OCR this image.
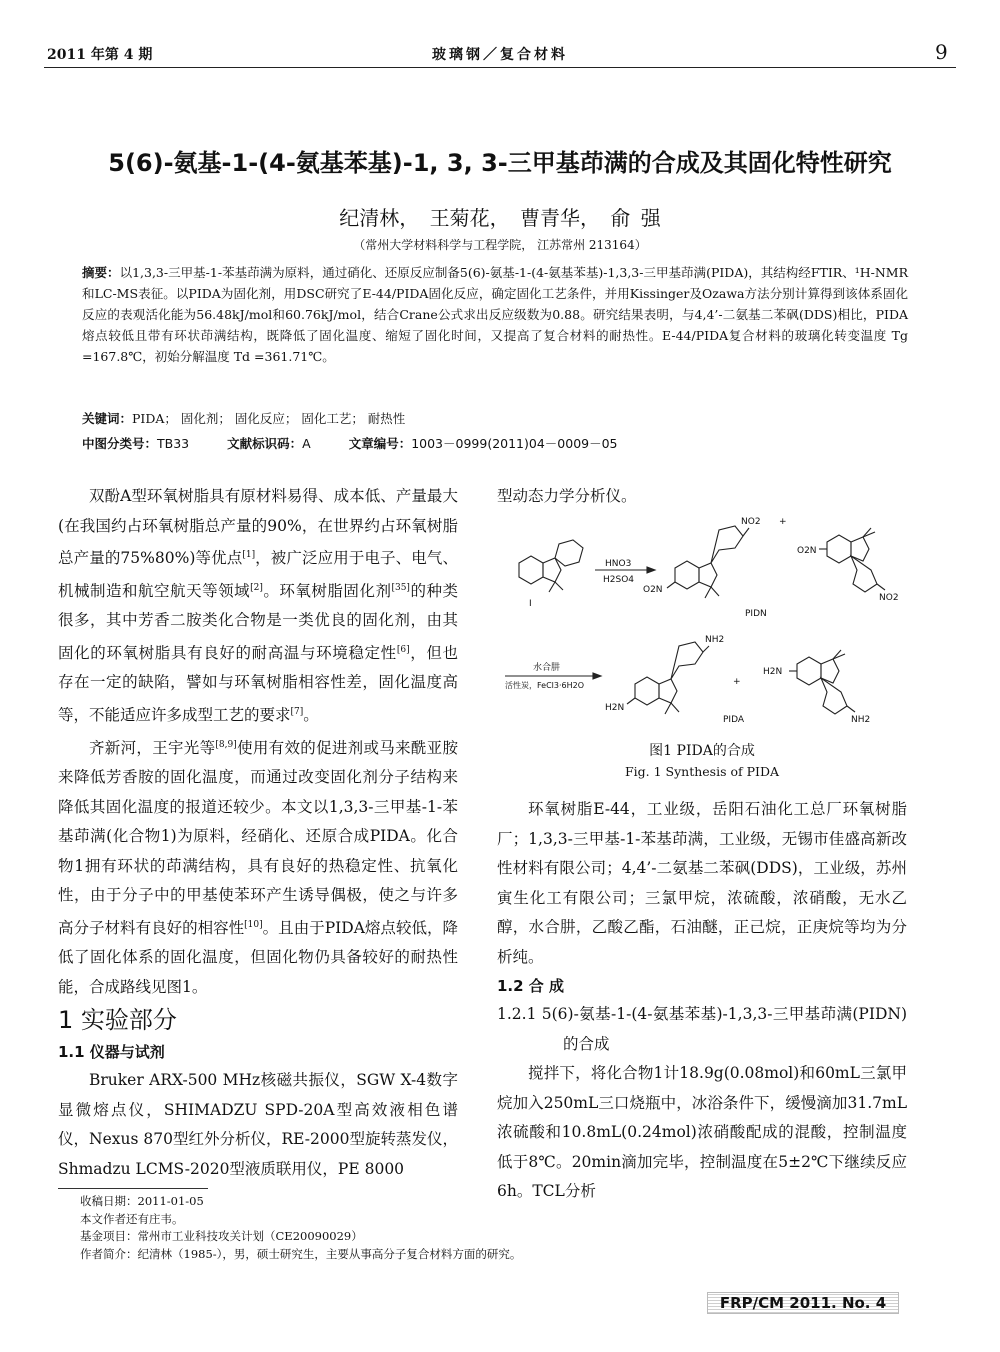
2011 年第 4 期	玻璃钢／复合材料	9
5(6)-氨基-1-(4-氨基苯基)-1, 3, 3-三甲基茚满的合成及其固化特性研究
纪清林， 王菊花， 曹青华， 俞 强
（常州大学材料科学与工程学院， 江苏常州 213164）
摘要：以1,3,3-三甲基-1-苯基茚满为原料，通过硝化、还原反应制备5(6)-氨基-1-(4-氨基苯基)-1,3,3-三甲基茚满(PIDA)，其结构经FTIR、¹H-NMR和LC-MS表征。以PIDA为固化剂，用DSC研究了E-44/PIDA固化反应，确定固化工艺条件，并用Kissinger及Ozawa方法分别计算得到该体系固化反应的表观活化能为56.48kJ/mol和60.76kJ/mol，结合Crane公式求出反应级数为0.88。研究结果表明，与4,4’-二氨基二苯砜(DDS)相比，PIDA熔点较低且带有环状茚满结构，既降低了固化温度、缩短了固化时间，又提高了复合材料的耐热性。E-44/PIDA复合材料的玻璃化转变温度 Tg =167.8℃，初始分解温度 Td =361.71℃。
关键词：PIDA； 固化剂； 固化反应； 固化工艺； 耐热性
中图分类号：TB33	文献标识码：A	文章编号：1003－0999(2011)04－0009－05

双酚A型环氧树脂具有原材料易得、成本低、产量最大(在我国约占环氧树脂总产量的90%，在世界约占环氧树脂总产量的75%80%)等优点[1]，被广泛应用于电子、电气、机械制造和航空航天等领域[2]。环氧树脂固化剂[35]的种类很多，其中芳香二胺类化合物是一类优良的固化剂，由其固化的环氧树脂具有良好的耐高温与环境稳定性[6]，但也存在一定的缺陷，譬如与环氧树脂相容性差，固化温度高等，不能适应许多成型工艺的要求[7]。

齐新河，王宇光等[8,9]使用有效的促进剂或马来酰亚胺来降低芳香胺的固化温度，而通过改变固化剂分子结构来降低其固化温度的报道还较少。本文以1,3,3-三甲基-1-苯基茚满(化合物1)为原料，经硝化、还原合成PIDA。化合物1拥有环状的茚满结构，具有良好的热稳定性、抗氧化性，由于分子中的甲基使苯环产生诱导偶极，使之与许多高分子材料有良好的相容性[10]。且由于PIDA熔点较低，降低了固化体系的固化温度，但固化物仍具备较好的耐热性能，合成路线见图1。

1 实验部分
1.1 仪器与试剂

Bruker ARX-500 MHz核磁共振仪，SGW X-4数字显微熔点仪，SHIMADZU SPD-20A型高效液相色谱仪，Nexus 870型红外分析仪，RE-2000型旋转蒸发仪，Shmadzu LCMS-2020型液质联用仪，PE 8000

型动态力学分析仪。
I
HNO3
H2SO4
NO2
O2N
+
O2N
NO2
PIDN
水合肼
活性炭，FeCl3·6H2O
NH2
H2N
+
H2N
NH2
PIDA
图1 PIDA的合成
Fig. 1 Synthesis of PIDA

环氧树脂E-44，工业级，岳阳石油化工总厂环氧树脂厂；1,3,3-三甲基-1-苯基茚满，工业级，无锡市佳盛高新改性材料有限公司；4,4’-二氨基二苯砜(DDS)，工业级，苏州寅生化工有限公司；三氯甲烷，浓硫酸，浓硝酸，无水乙醇，水合肼，乙酸乙酯，石油醚，正己烷，正庚烷等均为分析纯。

1.2 合 成
1.2.1 5(6)-氨基-1-(4-氨基苯基)-1,3,3-三甲基茚满(PIDN)的合成

搅拌下，将化合物1计18.9g(0.08mol)和60mL三氯甲烷加入250mL三口烧瓶中，冰浴条件下，缓慢滴加31.7mL浓硫酸和10.8mL(0.24mol)浓硝酸配成的混酸，控制温度低于8℃。20min滴加完毕，控制温度在5±2℃下继续反应6h。TCL分析

收稿日期：2011-01-05
本文作者还有庄韦。
基金项目：常州市工业科技攻关计划（CE20090029）
作者简介：纪清林（1985-），男，硕士研究生，主要从事高分子复合材料方面的研究。
FRP/CM 2011. No. 4
